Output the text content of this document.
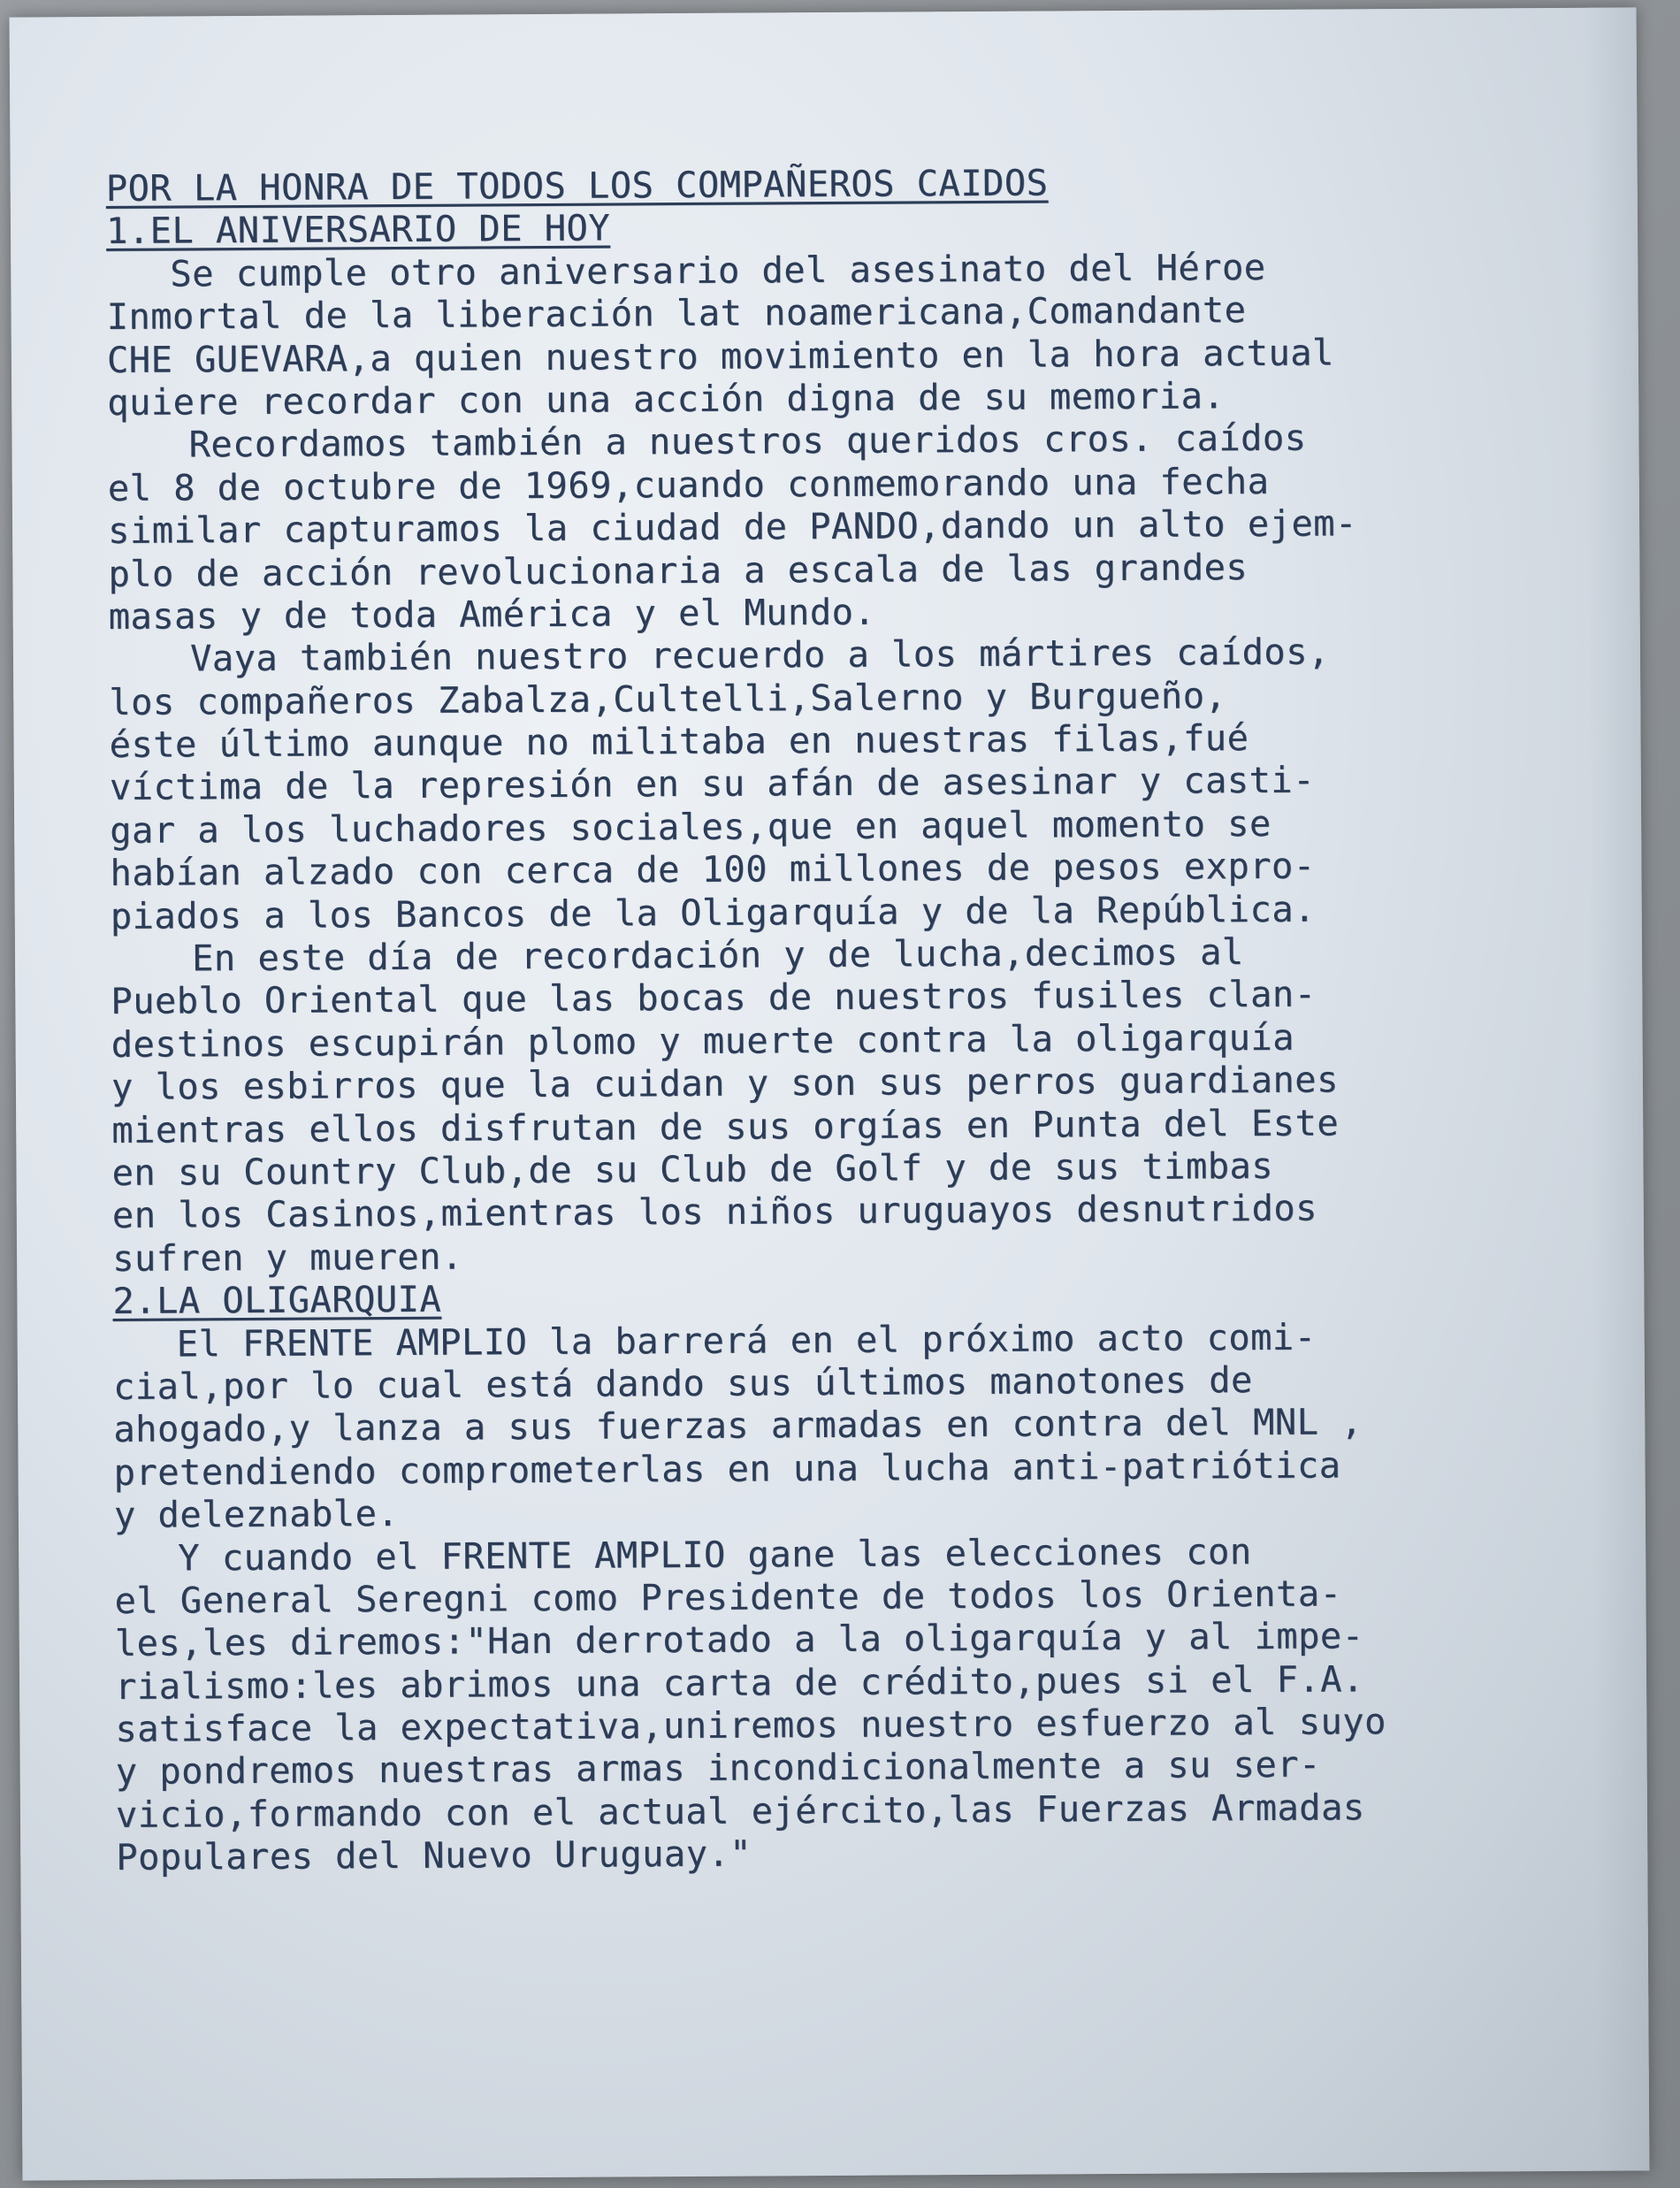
POR LA HONRA DE TODOS LOS COMPAÑEROS CAIDOS
1.EL ANIVERSARIO DE HOY
Se cumple otro aniversario del asesinato del Héroe
Inmortal de la liberación lat noamericana,Comandante
CHE GUEVARA,a quien nuestro movimiento en la hora actual
quiere recordar con una acción digna de su memoria.
Recordamos también a nuestros queridos cros. caídos
el 8 de octubre de 1969,cuando conmemorando una fecha
similar capturamos la ciudad de PANDO,dando un alto ejem-
plo de acción revolucionaria a escala de las grandes
masas y de toda América y el Mundo.
Vaya también nuestro recuerdo a los mártires caídos,
los compañeros Zabalza,Cultelli,Salerno y Burgueño,
éste último aunque no militaba en nuestras filas,fué
víctima de la represión en su afán de asesinar y casti-
gar a los luchadores sociales,que en aquel momento se
habían alzado con cerca de 100 millones de pesos expro-
piados a los Bancos de la Oligarquía y de la República.
En este día de recordación y de lucha,decimos al
Pueblo Oriental que las bocas de nuestros fusiles clan-
destinos escupirán plomo y muerte contra la oligarquía
y los esbirros que la cuidan y son sus perros guardianes
mientras ellos disfrutan de sus orgías en Punta del Este
en su Country Club,de su Club de Golf y de sus timbas
en los Casinos,mientras los niños uruguayos desnutridos
sufren y mueren.
2.LA OLIGARQUIA
El FRENTE AMPLIO la barrerá en el próximo acto comi-
cial,por lo cual está dando sus últimos manotones de
ahogado,y lanza a sus fuerzas armadas en contra del MNL ,
pretendiendo comprometerlas en una lucha anti-patriótica
y deleznable.
Y cuando el FRENTE AMPLIO gane las elecciones con
el General Seregni como Presidente de todos los Orienta-
les,les diremos:"Han derrotado a la oligarquía y al impe-
rialismo:les abrimos una carta de crédito,pues si el F.A.
satisface la expectativa,uniremos nuestro esfuerzo al suyo
y pondremos nuestras armas incondicionalmente a su ser-
vicio,formando con el actual ejército,las Fuerzas Armadas
Populares del Nuevo Uruguay."
